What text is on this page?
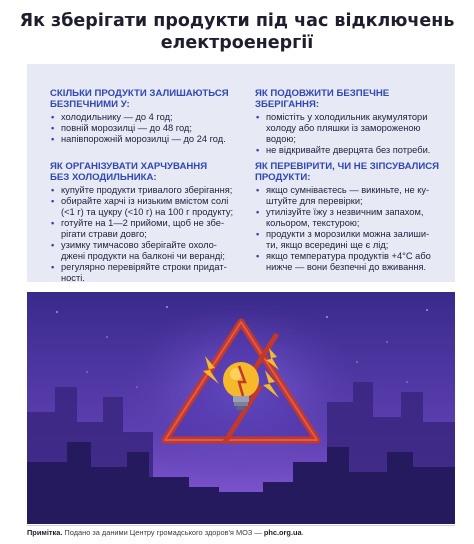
Як зберігати продукти під час відключень
електроенергії
СКІЛЬКИ ПРОДУКТИ ЗАЛИШАЮТЬСЯ
БЕЗПЕЧНИМИ У:
• холодильнику — до 4 год;
• повній морозилці — до 48 год;
• напівпорожній морозилці — до 24 год.
ЯК ПОДОВЖИТИ БЕЗПЕЧНЕ ЗБЕРІГАННЯ:
• помістіть у холодильник акумулятори
холоду або пляшки із замороженою
водою;
• не відкривайте дверцята без потреби.
ЯК ОРГАНІЗУВАТИ ХАРЧУВАННЯ
БЕЗ ХОЛОДИЛЬНИКА:
• купуйте продукти тривалого зберігання;
• обирайте харчі із низьким вмістом солі
(<1 г) та цукру (<10 г) на 100 г продукту;
• готуйте на 1—2 прийоми, щоб не збе-
рігати страви довго;
• узимку тимчасово зберігайте охоло-
джені продукти на балконі чи веранді;
• регулярно перевіряйте строки придат-
ності.
ЯК ПЕРЕВІРИТИ, ЧИ НЕ ЗІПСУВАЛИСЯ
ПРОДУКТИ:
• якщо сумніваєтесь — викиньте, не ку-
штуйте для перевірки;
• утилізуйте їжу з незвичним запахом,
кольором, текстурою;
• продукти з морозилки можна залиши-
ти, якщо всередині ще є лід;
• якщо температура продуктів +4°C або
нижче — вони безпечні до вживання.
Примітка. Подано за даними Центру громадського здоров'я МОЗ — phc.org.ua.
